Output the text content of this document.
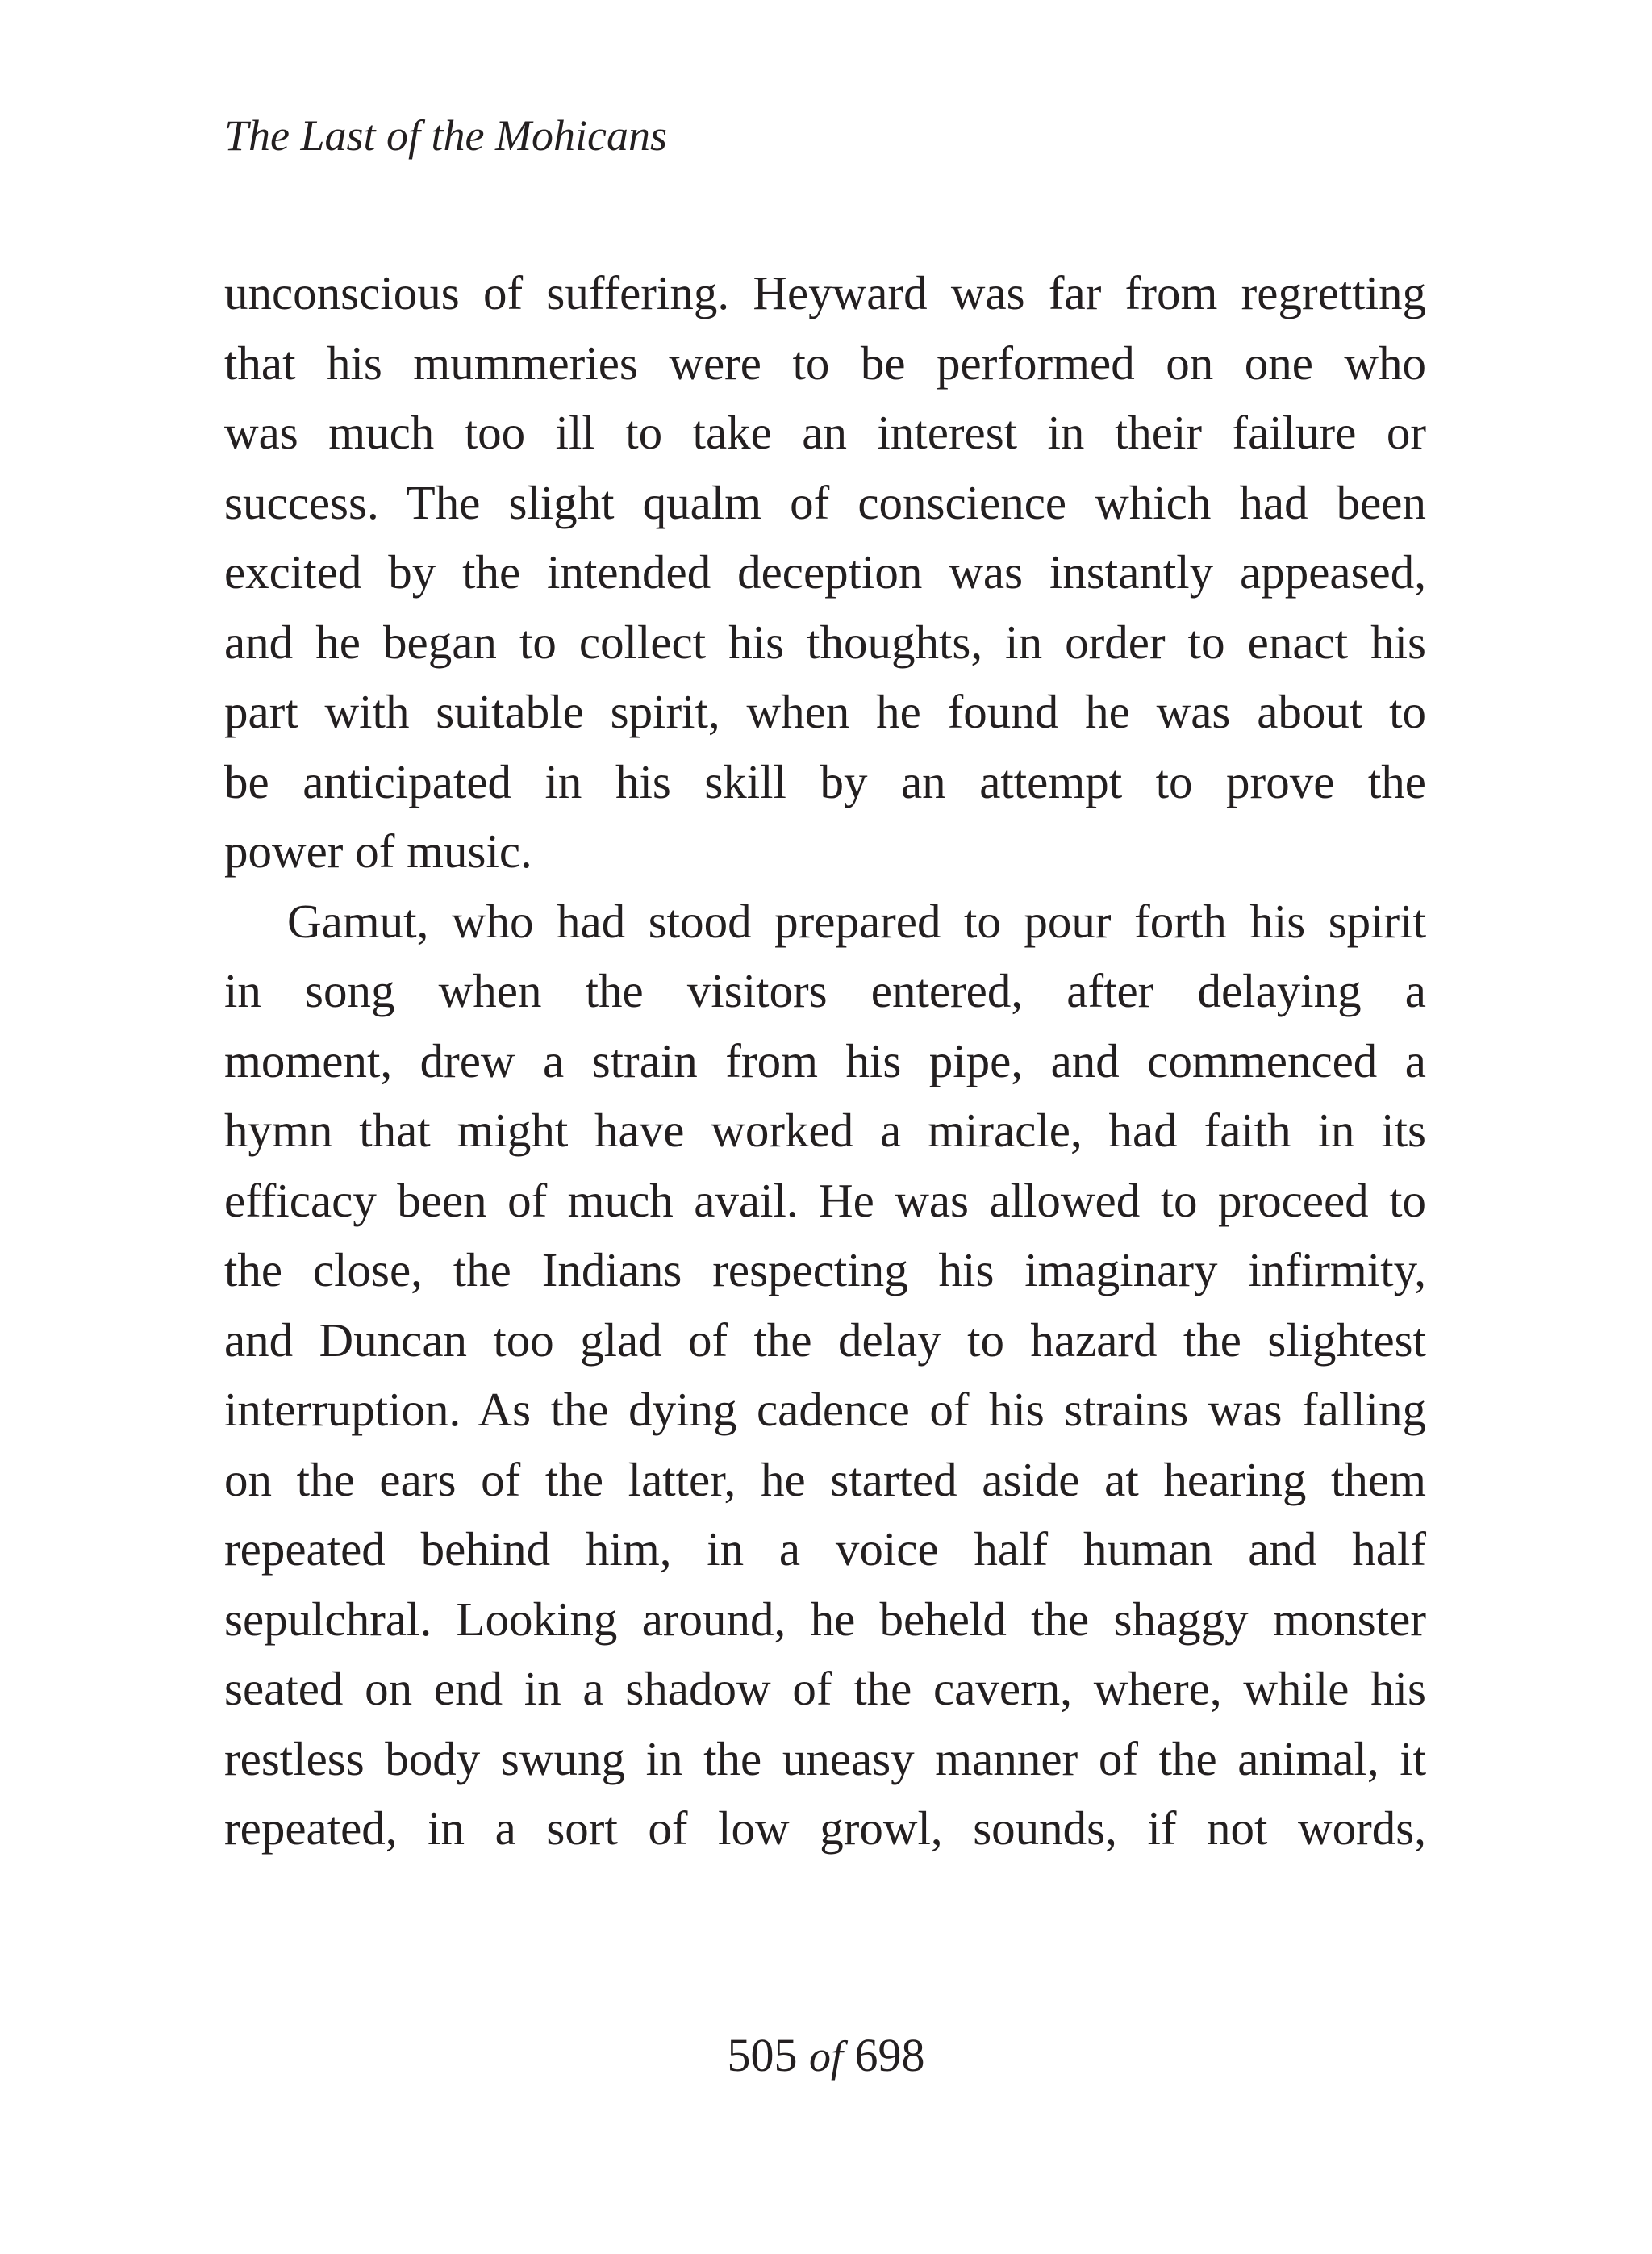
The Last of the Mohicans
unconscious of suffering. Heyward was far from regretting
that his mummeries were to be performed on one who
was much too ill to take an interest in their failure or
success. The slight qualm of conscience which had been
excited by the intended deception was instantly appeased,
and he began to collect his thoughts, in order to enact his
part with suitable spirit, when he found he was about to
be anticipated in his skill by an attempt to prove the
power of music.
Gamut, who had stood prepared to pour forth his spirit
in song when the visitors entered, after delaying a
moment, drew a strain from his pipe, and commenced a
hymn that might have worked a miracle, had faith in its
efficacy been of much avail. He was allowed to proceed to
the close, the Indians respecting his imaginary infirmity,
and Duncan too glad of the delay to hazard the slightest
interruption. As the dying cadence of his strains was falling
on the ears of the latter, he started aside at hearing them
repeated behind him, in a voice half human and half
sepulchral. Looking around, he beheld the shaggy monster
seated on end in a shadow of the cavern, where, while his
restless body swung in the uneasy manner of the animal, it
repeated, in a sort of low growl, sounds, if not words,
505 of 698
